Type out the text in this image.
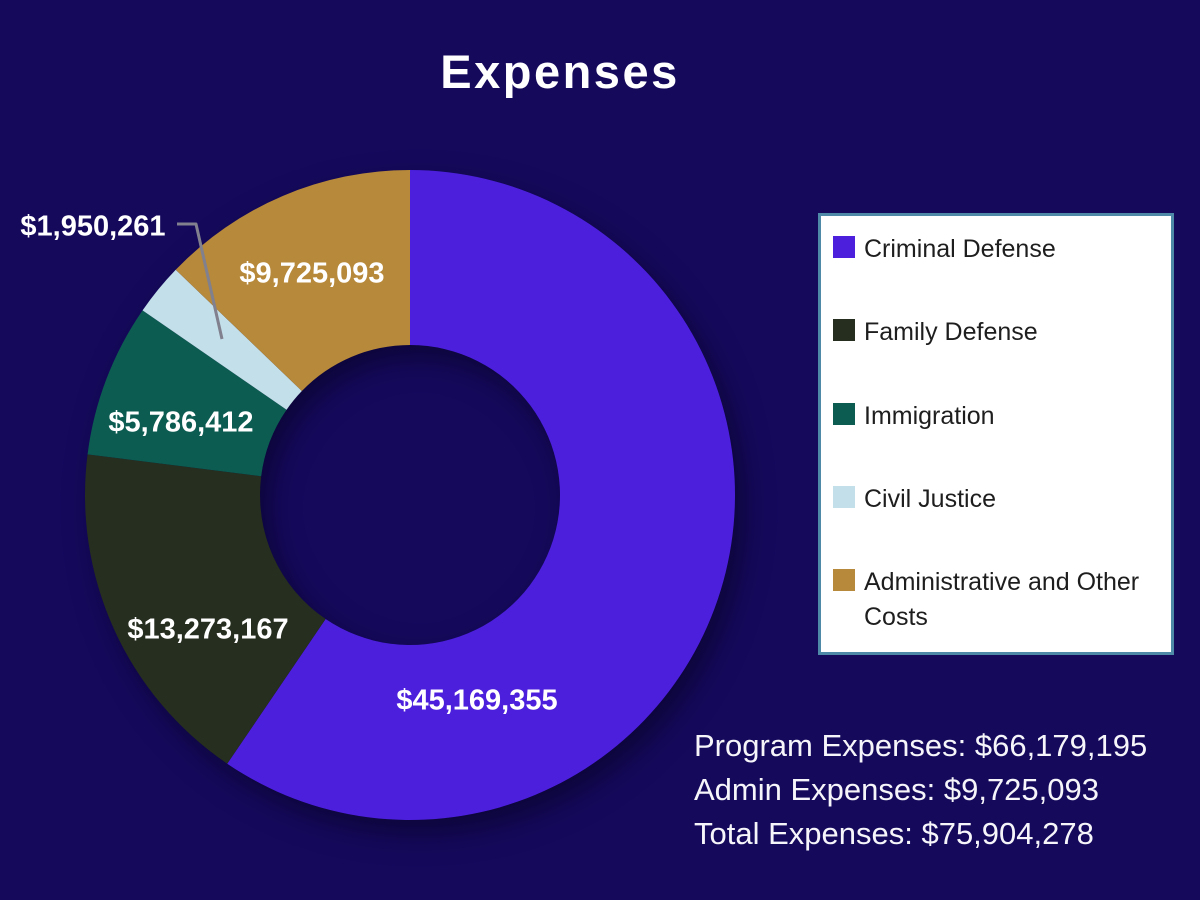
Expenses
$45,169,355
$13,273,167
$5,786,412
$1,950,261
$9,725,093
Criminal Defense
Family Defense
Immigration
Civil Justice
Administrative and Other Costs
Program Expenses: $66,179,195
Admin Expenses: $9,725,093
Total Expenses: $75,904,278
